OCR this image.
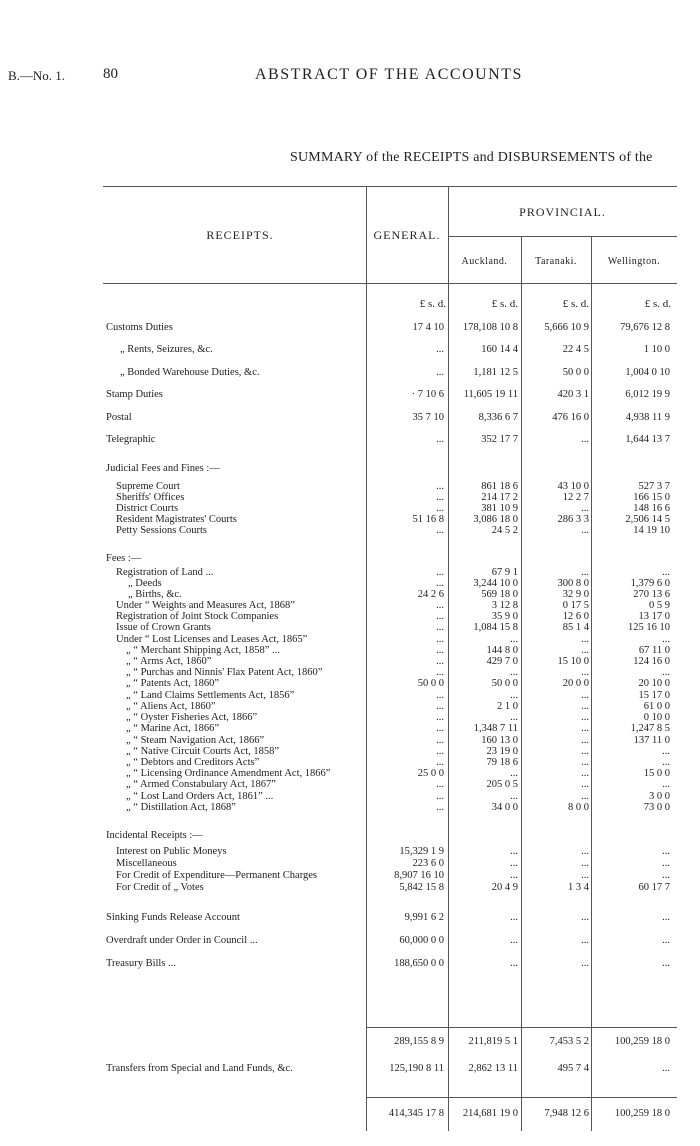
B.—No. 1.	80	ABSTRACT OF THE ACCOUNTS
SUMMARY of the RECEIPTS and DISBURSEMENTS of the
RECEIPTS.	GENERAL.
PROVINCIAL.
Auckland.	Taranaki.	Wellington.
£ s. d.	£ s. d.	£ s. d.	£ s. d.
Customs Duties	17 4 10	178,108 10 8	5,666 10 9	79,676 12 8
„ Rents, Seizures, &c.	...	160 14 4	22 4 5	1 10 0
„ Bonded Warehouse Duties, &c.	...	1,181 12 5	50 0 0	1,004 0 10
Stamp Duties	· 7 10 6	11,605 19 11	420 3 1	6,012 19 9
Postal	35 7 10	8,336 6 7	476 16 0	4,938 11 9
Telegraphic	...	352 17 7	...	1,644 13 7
Judicial Fees and Fines :—
Supreme Court	...	861 18 6	43 10 0	527 3 7
Sheriffs' Offices	...	214 17 2	12 2 7	166 15 0
District Courts	...	381 10 9	...	148 16 6
Resident Magistrates' Courts	51 16 8	3,086 18 0	286 3 3	2,506 14 5
Petty Sessions Courts	...	24 5 2	...	14 19 10
Fees :—
Registration of Land ...	...	67 9 1	...	...
„ Deeds	...	3,244 10 0	300 8 0	1,379 6 0
„ Births, &c.	24 2 6	569 18 0	32 9 0	270 13 6
Under “ Weights and Measures Act, 1868”	...	3 12 8	0 17 5	0 5 9
Registration of Joint Stock Companies	...	35 9 0	12 6 0	13 17 0
Issue of Crown Grants	...	1,084 15 8	85 1 4	125 16 10
Under “ Lost Licenses and Leases Act, 1865”	...	...	...	...
„ “ Merchant Shipping Act, 1858” ...	...	144 8 0	...	67 11 0
„ “ Arms Act, 1860”	...	429 7 0	15 10 0	124 16 0
„ “ Purchas and Ninnis' Flax Patent Act, 1860”	...	...	...	...
„ “ Patents Act, 1860”	50 0 0	50 0 0	20 0 0	20 10 0
„ “ Land Claims Settlements Act, 1856”	...	...	...	15 17 0
„ “ Aliens Act, 1860”	...	2 1 0	...	61 0 0
„ “ Oyster Fisheries Act, 1866”	...	...	...	0 10 0
„ “ Marine Act, 1866”	...	1,348 7 11	...	1,247 8 5
„ “ Steam Navigation Act, 1866”	...	160 13 0	...	137 11 0
„ “ Native Circuit Courts Act, 1858”	...	23 19 0	...	...
„ “ Debtors and Creditors Acts”	...	79 18 6	...	...
„ “ Licensing Ordinance Amendment Act, 1866”	25 0 0	...	...	15 0 0
„ “ Armed Constabulary Act, 1867”	...	205 0 5	...	...
„ “ Lost Land Orders Act, 1861” ...	...	...	...	3 0 0
„ “ Distillation Act, 1868”	...	34 0 0	8 0 0	73 0 0
Incidental Receipts :—
Interest on Public Moneys	15,329 1 9	...	...	...
Miscellaneous	223 6 0	...	...	...
For Credit of Expenditure—Permanent Charges	8,907 16 10	...	...	...
For Credit of „ Votes	5,842 15 8	20 4 9	1 3 4	60 17 7
Sinking Funds Release Account	9,991 6 2	...	...	...
Overdraft under Order in Council ...	60,000 0 0	...	...	...
Treasury Bills ...	188,650 0 0	...	...	...
289,155 8 9	211,819 5 1	7,453 5 2	100,259 18 0
Transfers from Special and Land Funds, &c.	125,190 8 11	2,862 13 11	495 7 4	...
414,345 17 8	214,681 19 0	7,948 12 6	100,259 18 0
